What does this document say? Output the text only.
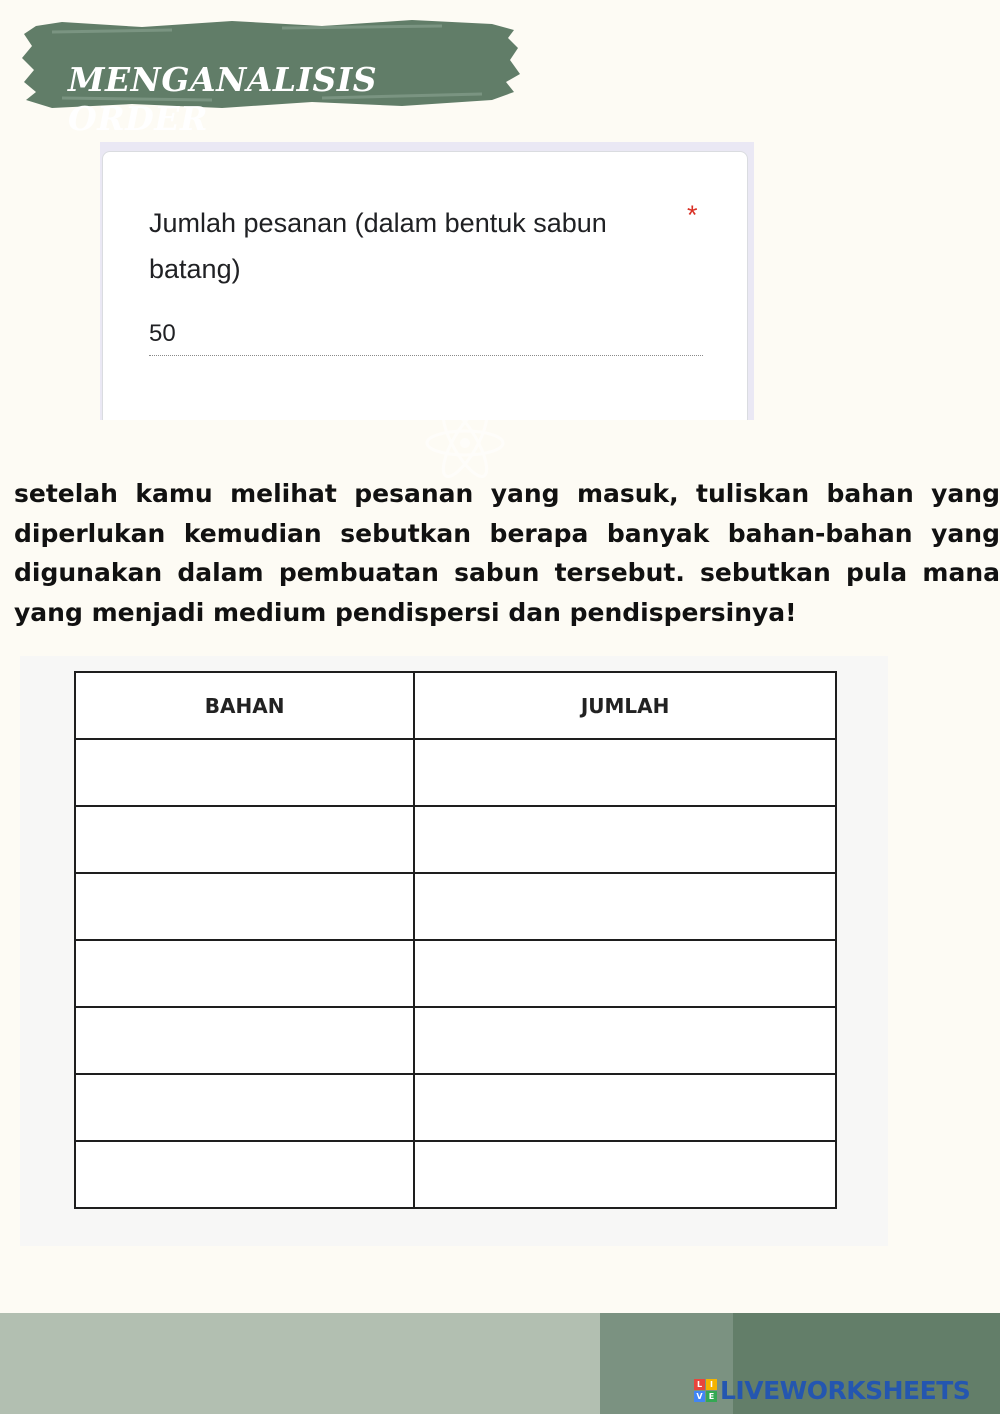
MENGANALISIS ORDER
Jumlah pesanan (dalam bentuk sabun batang)
*
50
setelah kamu melihat pesanan yang masuk, tuliskan bahan yang diperlukan kemudian sebutkan berapa banyak bahan-bahan yang digunakan dalam pembuatan sabun tersebut. sebutkan pula mana yang menjadi medium pendispersi dan pendispersinya!
BAHAN	JUMLAH

L I
V E LIVEWORKSHEETS
